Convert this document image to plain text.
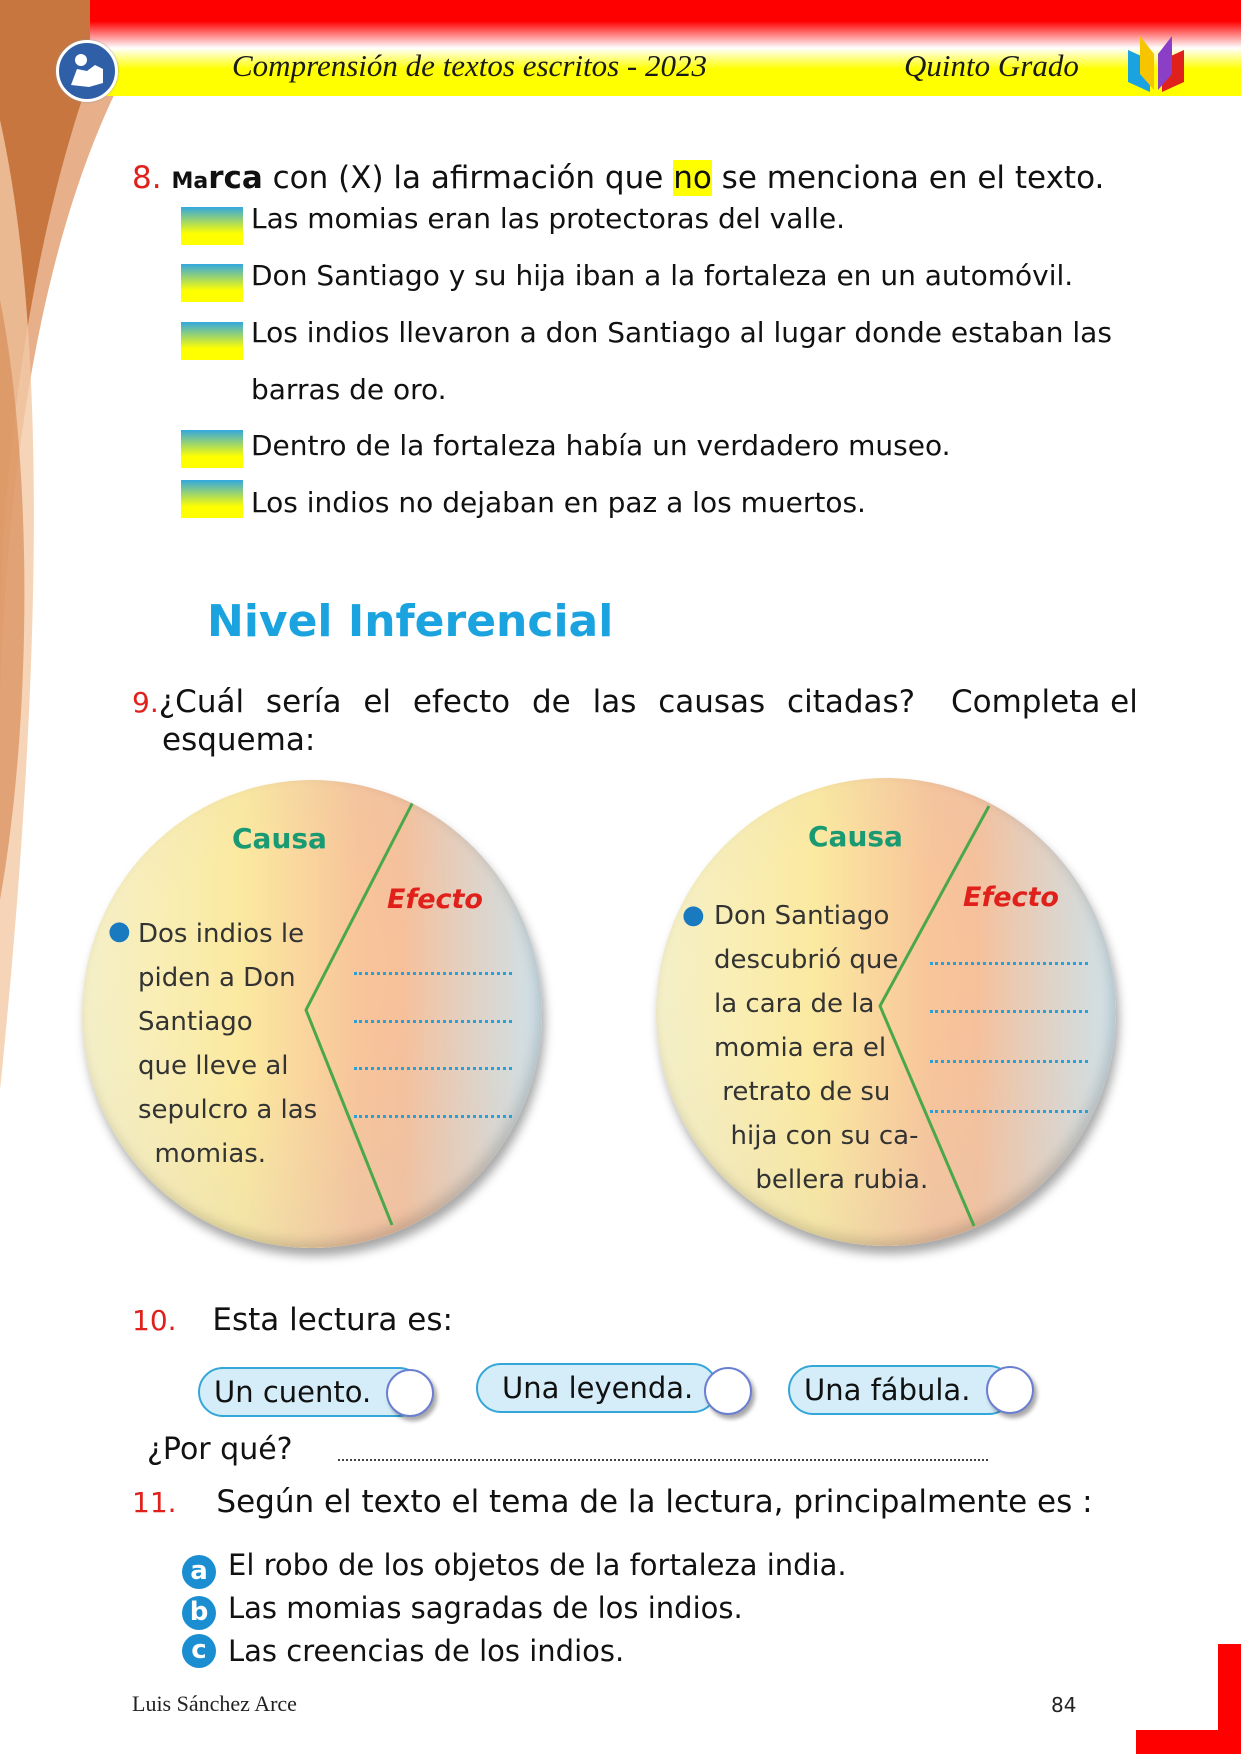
Comprensión de textos escritos - 2023	Quinto Grado
8. Marca con (X) la afirmación que no se menciona en el texto.
Las momias eran las protectoras del valle.
Don Santiago y su hija iban a la fortaleza en un automóvil.
Los indios llevaron a don Santiago al lugar donde estaban las
barras de oro.
Dentro de la fortaleza había un verdadero museo.
Los indios no dejaban en paz a los muertos.
Nivel Inferencial
9.¿Cuál sería el efecto de las causas citadas? Completa el
esquema:
Causa
Efecto
● Dos indios le
piden a Don
Santiago
que lleve al
sepulcro a las
momias.
Causa
Efecto
● Don Santiago
descubrió que
la cara de la
momia era el
retrato de su
hija con su ca-
bellera rubia.
10. Esta lectura es:
Un cuento.	Una leyenda.	Una fábula.
¿Por qué?
11. Según el texto el tema de la lectura, principalmente es :
a El robo de los objetos de la fortaleza india.
b Las momias sagradas de los indios.
c Las creencias de los indios.
Luis Sánchez Arce	84
